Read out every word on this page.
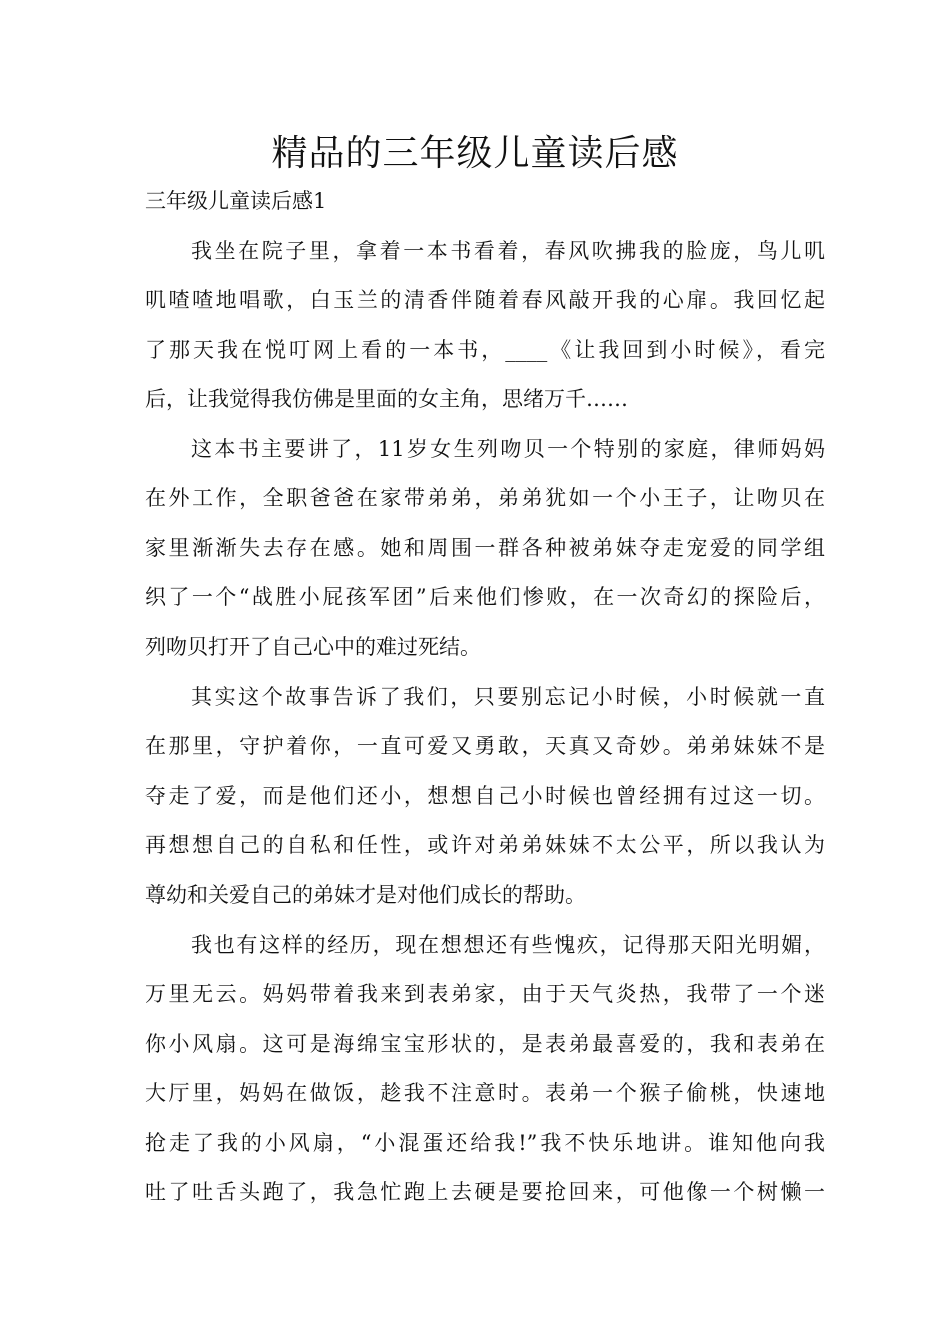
精品的三年级儿童读后感

三年级儿童读后感1

我坐在院子里，拿着一本书看着，春风吹拂我的脸庞，鸟儿叽
叽喳喳地唱歌，白玉兰的清香伴随着春风敲开我的心扉。我回忆起
了那天我在悦叮网上看的一本书，____《让我回到小时候》，看完
后，让我觉得我仿佛是里面的女主角，思绪万千……
这本书主要讲了，11岁女生列吻贝一个特别的家庭，律师妈妈
在外工作，全职爸爸在家带弟弟，弟弟犹如一个小王子，让吻贝在
家里渐渐失去存在感。她和周围一群各种被弟妹夺走宠爱的同学组
织了一个“战胜小屁孩军团”后来他们惨败，在一次奇幻的探险后，
列吻贝打开了自己心中的难过死结。
其实这个故事告诉了我们，只要别忘记小时候，小时候就一直
在那里，守护着你，一直可爱又勇敢，天真又奇妙。弟弟妹妹不是
夺走了爱，而是他们还小，想想自己小时候也曾经拥有过这一切。
再想想自己的自私和任性，或许对弟弟妹妹不太公平，所以我认为
尊幼和关爱自己的弟妹才是对他们成长的帮助。
我也有这样的经历，现在想想还有些愧疚，记得那天阳光明媚，
万里无云。妈妈带着我来到表弟家，由于天气炎热，我带了一个迷
你小风扇。这可是海绵宝宝形状的，是表弟最喜爱的，我和表弟在
大厅里，妈妈在做饭，趁我不注意时。表弟一个猴子偷桃，快速地
抢走了我的小风扇，“小混蛋还给我!”我不快乐地讲。谁知他向我
吐了吐舌头跑了，我急忙跑上去硬是要抢回来，可他像一个树懒一
